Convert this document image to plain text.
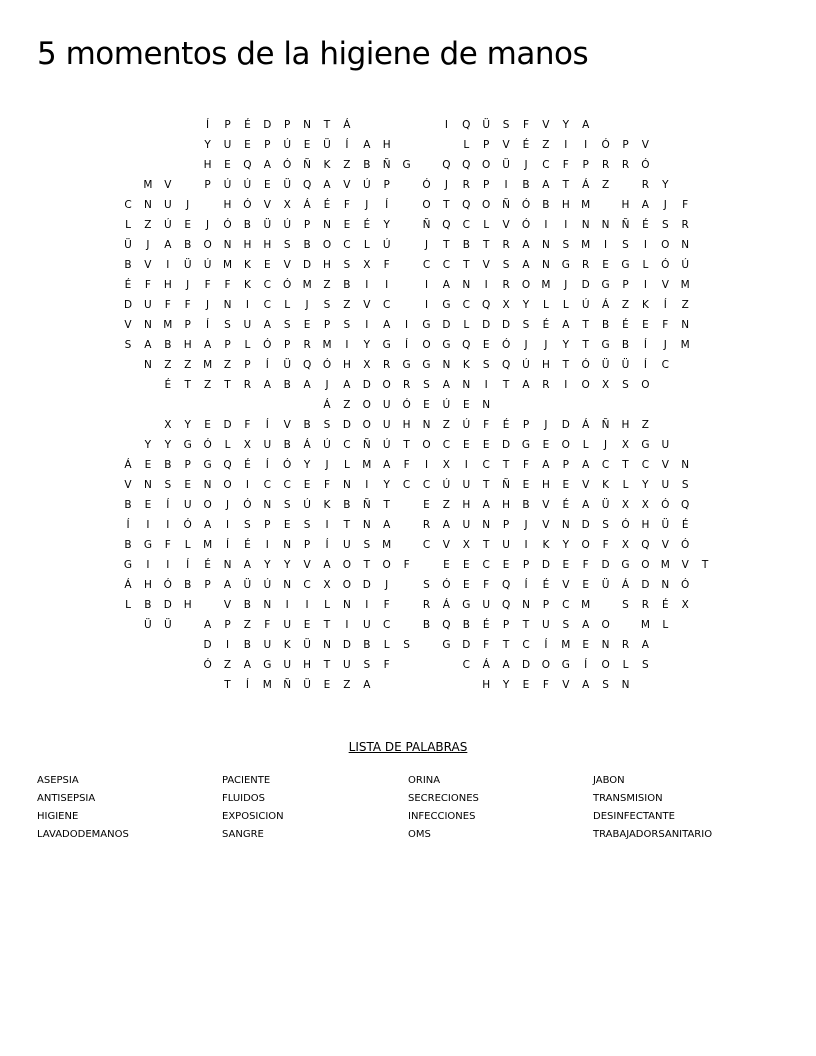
5 momentos de la higiene de manos
Í	P	É	D	P	N	T	Á	I	Q	Ü	S	F	V	Y	A
Y	U	E	P	Ú	E	Ü	Í	A	H	L	P	V	É	Z	I	I	Ó	P	V
H	E	Q	A	Ó	Ñ	K	Z	B	Ñ	G	Q	Q	O	Ü	J	C	F	P	R	R	Ó
M	V	P	Ú	Ú	E	Ü	Q	A	V	Ú	P	Ó	J	R	P	I	B	A	T	Á	Z	R	Y
C	N	U	J	H	Ó	V	X	Á	É	F	J	Í	O	T	Q	O	Ñ	Ó	B	H	M	H	A	J	F
L	Z	Ú	E	J	Ó	B	Ü	Ú	P	N	E	É	Y	Ñ	Q	C	L	V	Ó	I	I	N	N	Ñ	É	S	R
Ü	J	A	B	O	N	H	H	S	B	O	C	L	Ú	J	T	B	T	R	A	N	S	M	I	S	I	O	N
B	V	I	Ü	Ú	M	K	E	V	D	H	S	X	F	C	C	T	V	S	A	N	G	R	E	G	L	Ó	Ú
É	F	H	J	F	F	K	C	Ó	M	Z	B	I	I	I	A	N	I	R	O	M	J	D	G	P	I	V	M
D	U	F	F	J	N	I	C	L	J	S	Z	V	C	I	G	C	Q	X	Y	L	L	Ú	Á	Z	K	Í	Z
V	N	M	P	Í	S	U	A	S	E	P	S	I	A	I	G	D	L	D	D	S	É	A	T	B	É	E	F	N
S	A	B	H	A	P	L	Ó	P	R	M	I	Y	G	Í	O	G	Q	E	Ó	J	J	Y	T	G	B	Í	J	M
N	Z	Z	M	Z	P	Í	Ü	Q	Ó	H	X	R	G	G	N	K	S	Q	Ú	H	T	Ó	Ü	Ü	Í	C
É	T	Z	T	R	A	B	A	J	A	D	O	R	S	A	N	I	T	A	R	I	O	X	S	O
Á	Z	O	U	Ó	E	Ú	E	N
X	Y	E	D	F	Í	V	B	S	D	O	U	H	N	Z	Ú	F	É	P	J	D	Á	Ñ	H	Z
Y	Y	G	Ó	L	X	U	B	Á	Ú	C	Ñ	Ú	T	O	C	E	E	D	G	E	O	L	J	X	G	U
Á	E	B	P	G	Q	É	Í	Ó	Y	J	L	M	A	F	I	X	I	C	T	F	A	P	A	C	T	C	V	N
V	N	S	E	N	O	I	C	C	E	F	N	I	Y	C	C	Ú	U	T	Ñ	E	H	E	V	K	L	Y	U	S
B	E	Í	U	O	J	Ó	N	S	Ú	K	B	Ñ	T	E	Z	H	A	H	B	V	É	A	Ü	X	X	Ó	Q
Í	I	I	Ó	A	I	S	P	E	S	I	T	N	A	R	A	U	N	P	J	V	N	D	S	Ó	H	Ü	É
B	G	F	L	M	Í	É	I	N	P	Í	U	S	M	C	V	X	T	U	I	K	Y	O	F	X	Q	V	Ó
G	I	I	Í	É	N	A	Y	Y	V	A	O	T	O	F	E	E	C	E	P	D	E	F	D	G	O	M	V	T
Á	H	Ó	B	P	A	Ü	Ú	N	C	X	O	D	J	S	Ó	E	F	Q	Í	É	V	E	Ü	Á	D	N	Ó
L	B	D	H	V	B	N	I	I	L	N	I	F	R	Á	G	U	Q	N	P	C	M	S	R	É	X
Ü	Ü	A	P	Z	F	U	E	T	I	U	C	B	Q	B	É	P	T	U	S	A	O	M	L
D	I	B	U	K	Ü	N	D	B	L	S	G	D	F	T	C	Í	M	E	N	R	A
Ó	Z	A	G	U	H	T	U	S	F	C	Á	A	D	O	G	Í	O	L	S
T	Í	M	Ñ	Ü	E	Z	A	H	Y	E	F	V	A	S	N
LISTA DE PALABRAS
ASEPSIA
ANTISEPSIA
HIGIENE
LAVADODEMANOS
PACIENTE
FLUIDOS
EXPOSICION
SANGRE
ORINA
SECRECIONES
INFECCIONES
OMS
JABON
TRANSMISION
DESINFECTANTE
TRABAJADORSANITARIO
